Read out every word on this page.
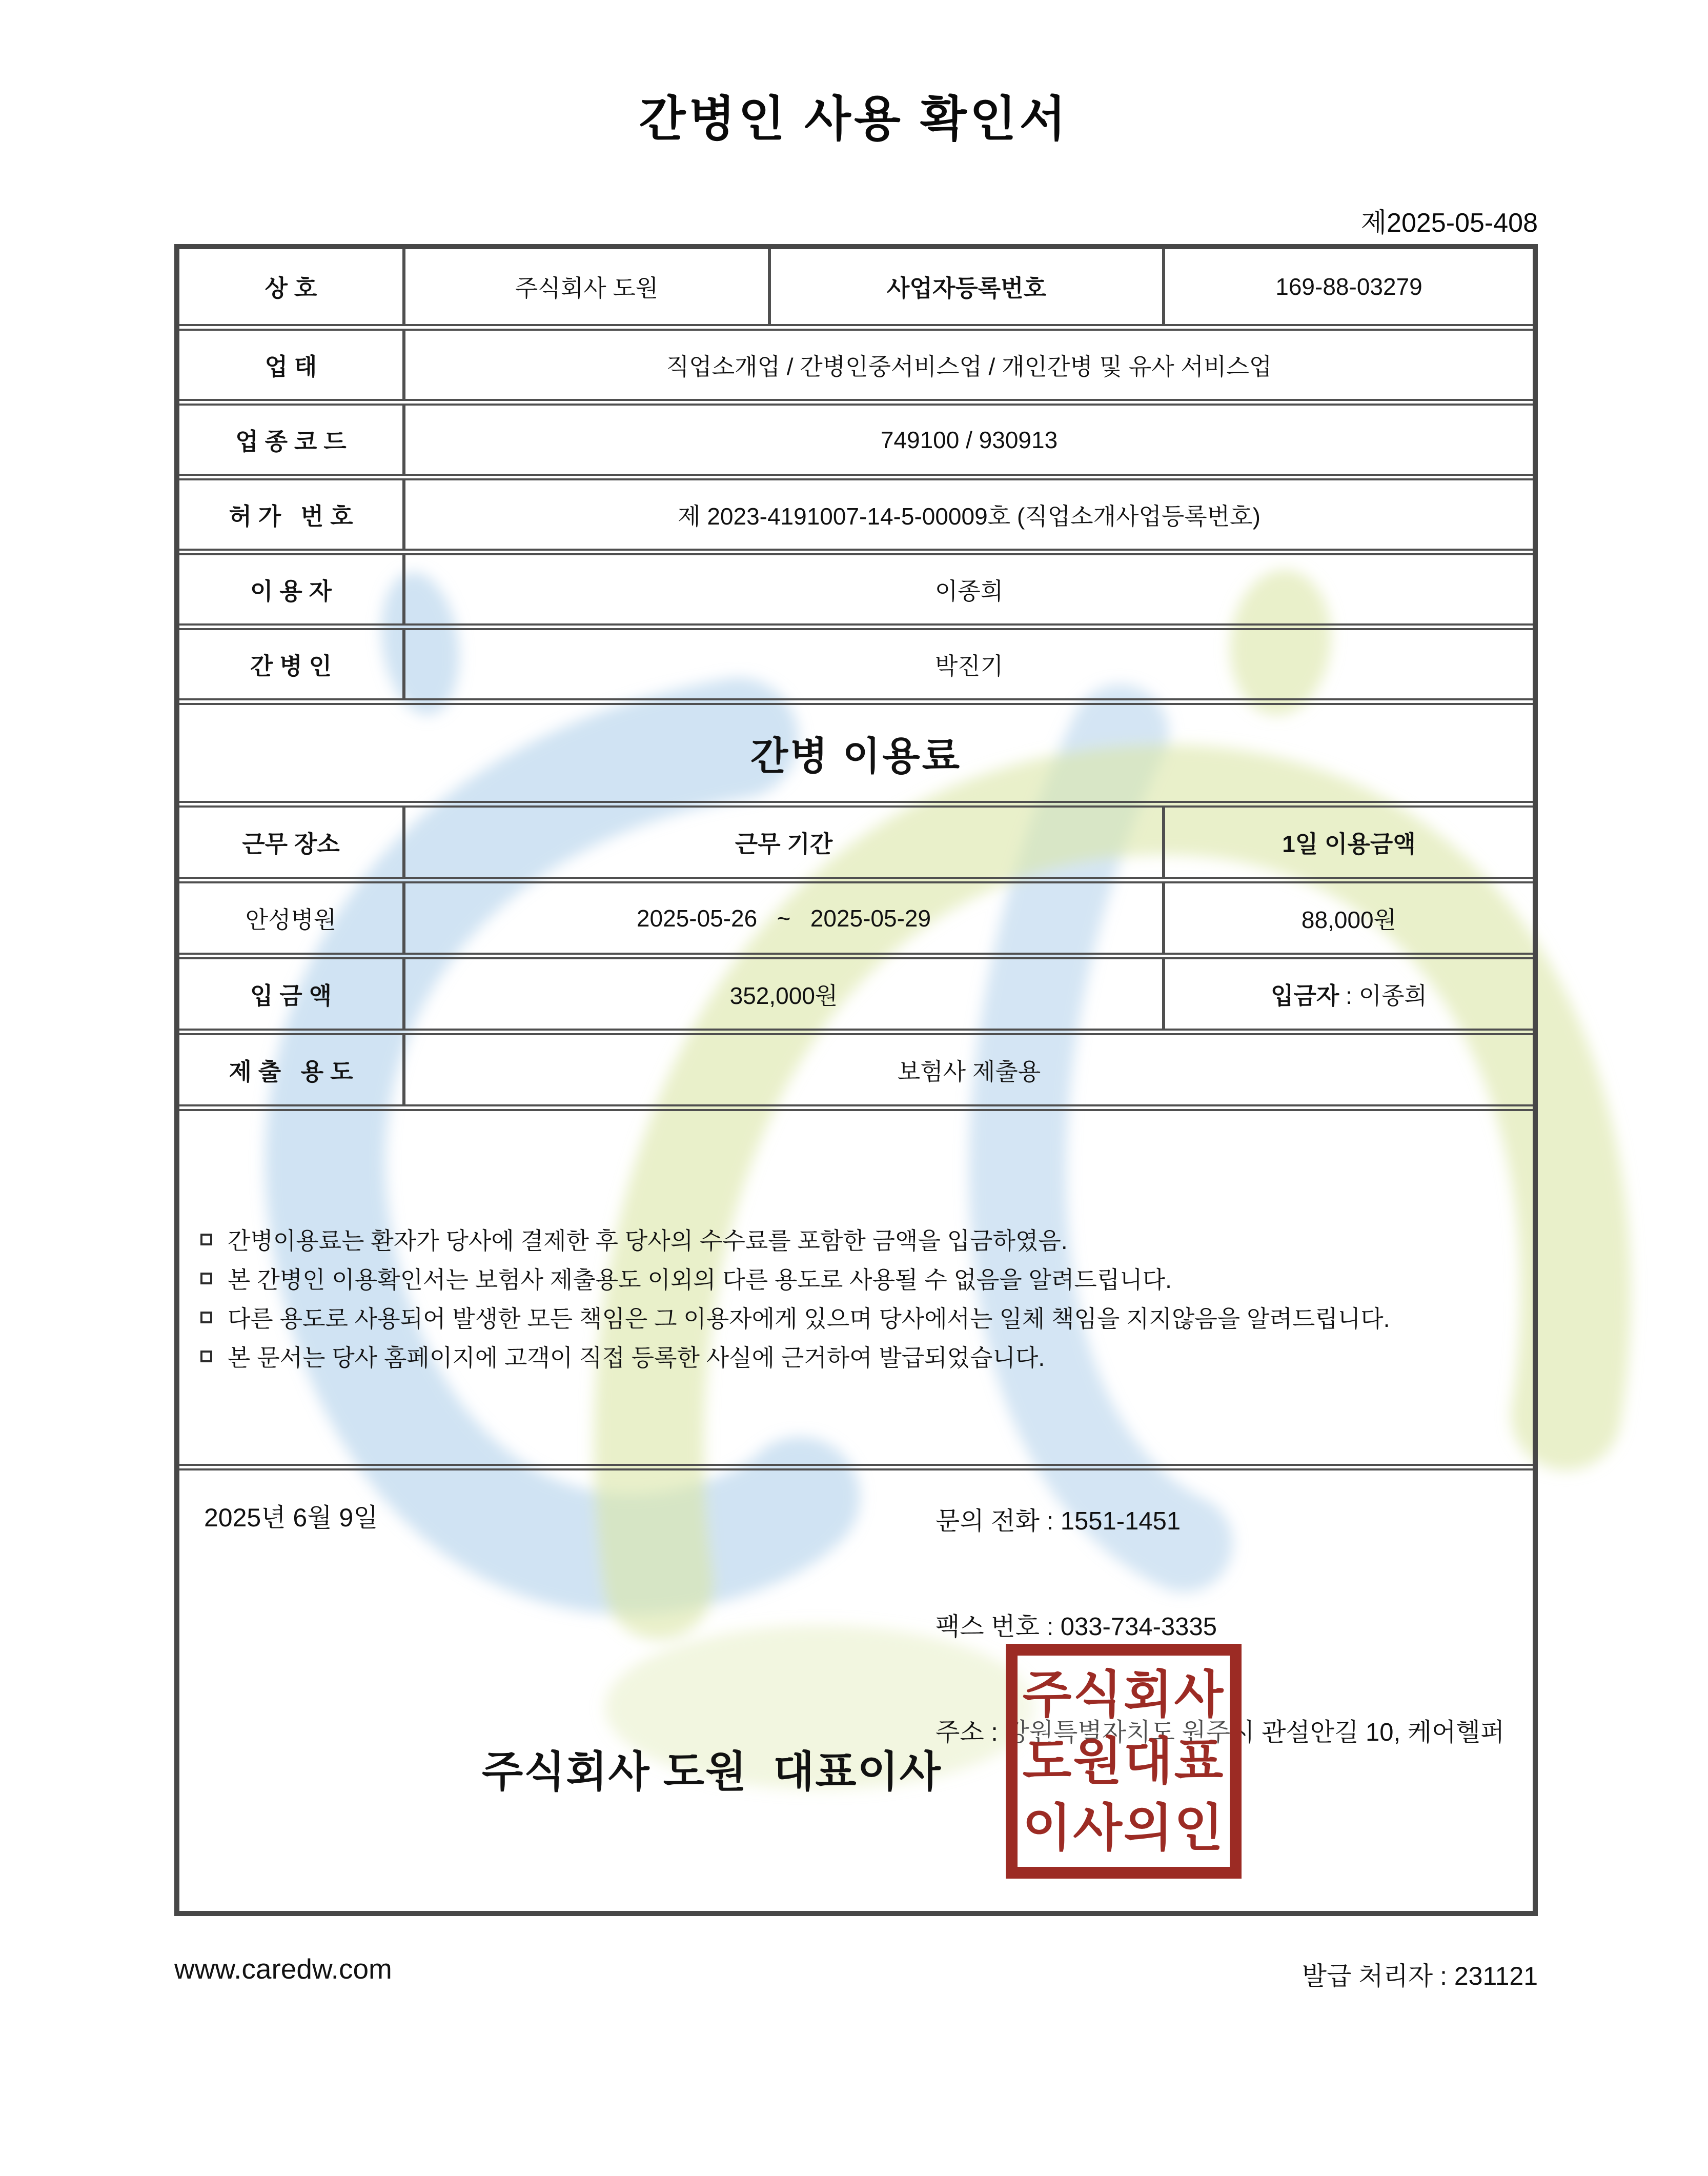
간병인 사용 확인서
제2025-05-408
상호	주식회사 도원	사업자등록번호	169-88-03279
업태	직업소개업 / 간병인중서비스업 / 개인간병 및 유사 서비스업
업종코드	749100 / 930913
허가 번호	제 2023-4191007-14-5-00009호 (직업소개사업등록번호)
이용자	이종희
간병인	박진기
간병 이용료
근무 장소	근무 기간	1일 이용금액
안성병원	2025-05-26   ~   2025-05-29	88,000원
입금액	352,000원	입금자 : 이종희
제출 용도	보험사 제출용
간병이용료는 환자가 당사에 결제한 후 당사의 수수료를 포함한 금액을 입금하였음.
본 간병인 이용확인서는 보험사 제출용도 이외의 다른 용도로 사용될 수 없음을 알려드립니다.
다른 용도로 사용되어 발생한 모든 책임은 그 이용자에게 있으며 당사에서는 일체 책임을 지지않음을 알려드립니다.
본 문서는 당사 홈페이지에 고객이 직접 등록한 사실에 근거하여 발급되었습니다.
2025년 6월 9일	문의 전화 : 1551-1451

팩스 번호 : 033-734-3335

주소 : 강원특별자치도 원주시 관설안길 10, 케어헬퍼
주식회사 도원  대표이사
주식회사
도원대표
이사의인
www.caredw.com	발급 처리자 : 231121
